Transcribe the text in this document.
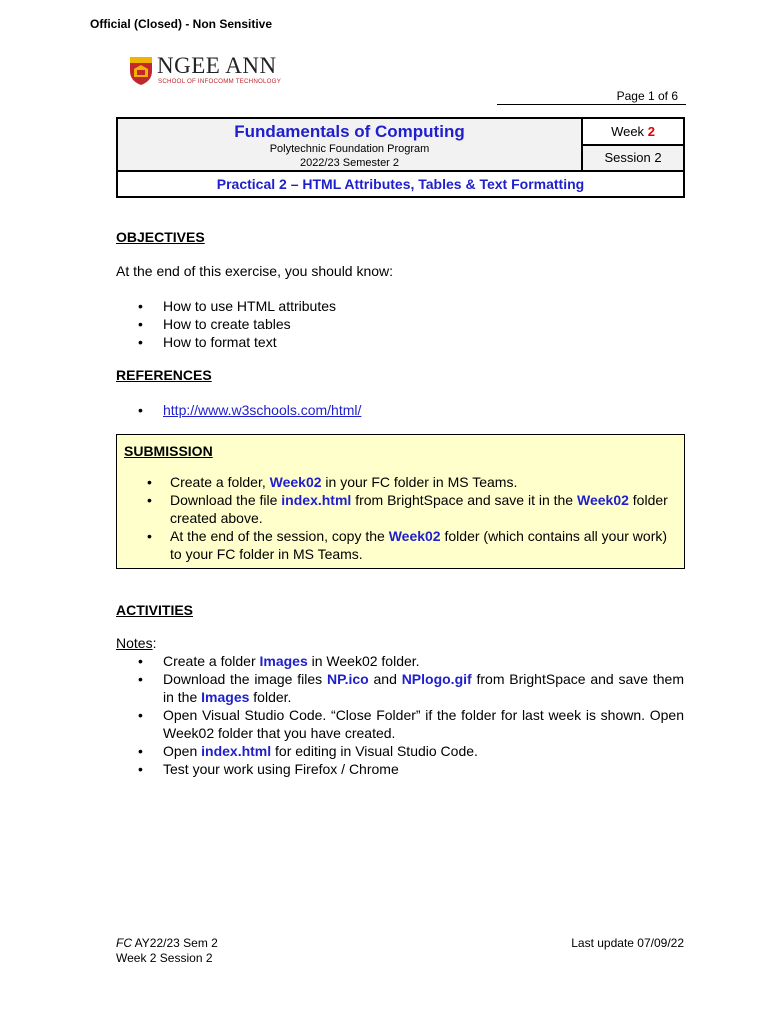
Official (Closed) - Non Sensitive
NGEE ANN
SCHOOL OF INFOCOMM TECHNOLOGY
Page 1 of 6
Fundamentals of Computing
Polytechnic Foundation Program
2022/23 Semester 2
	Week 2
Session 2
Practical 2 – HTML Attributes, Tables & Text Formatting
OBJECTIVES
At the end of this exercise, you should know:
• How to use HTML attributes
• How to create tables
• How to format text
REFERENCES
• http://www.w3schools.com/html/
SUBMISSION
• Create a folder, Week02 in your FC folder in MS Teams.
• Download the file index.html from BrightSpace and save it in the Week02 folder created above.
• At the end of the session, copy the Week02 folder (which contains all your work) to your FC folder in MS Teams.
ACTIVITIES
Notes:
• Create a folder Images in Week02 folder.
• Download the image files NP.ico and NPlogo.gif from BrightSpace and save them in the Images folder.
• Open Visual Studio Code. “Close Folder” if the folder for last week is shown. Open Week02 folder that you have created.
• Open index.html for editing in Visual Studio Code.
• Test your work using Firefox / Chrome
FC AY22/23 Sem 2
Week 2 Session 2
Last update 07/09/22
